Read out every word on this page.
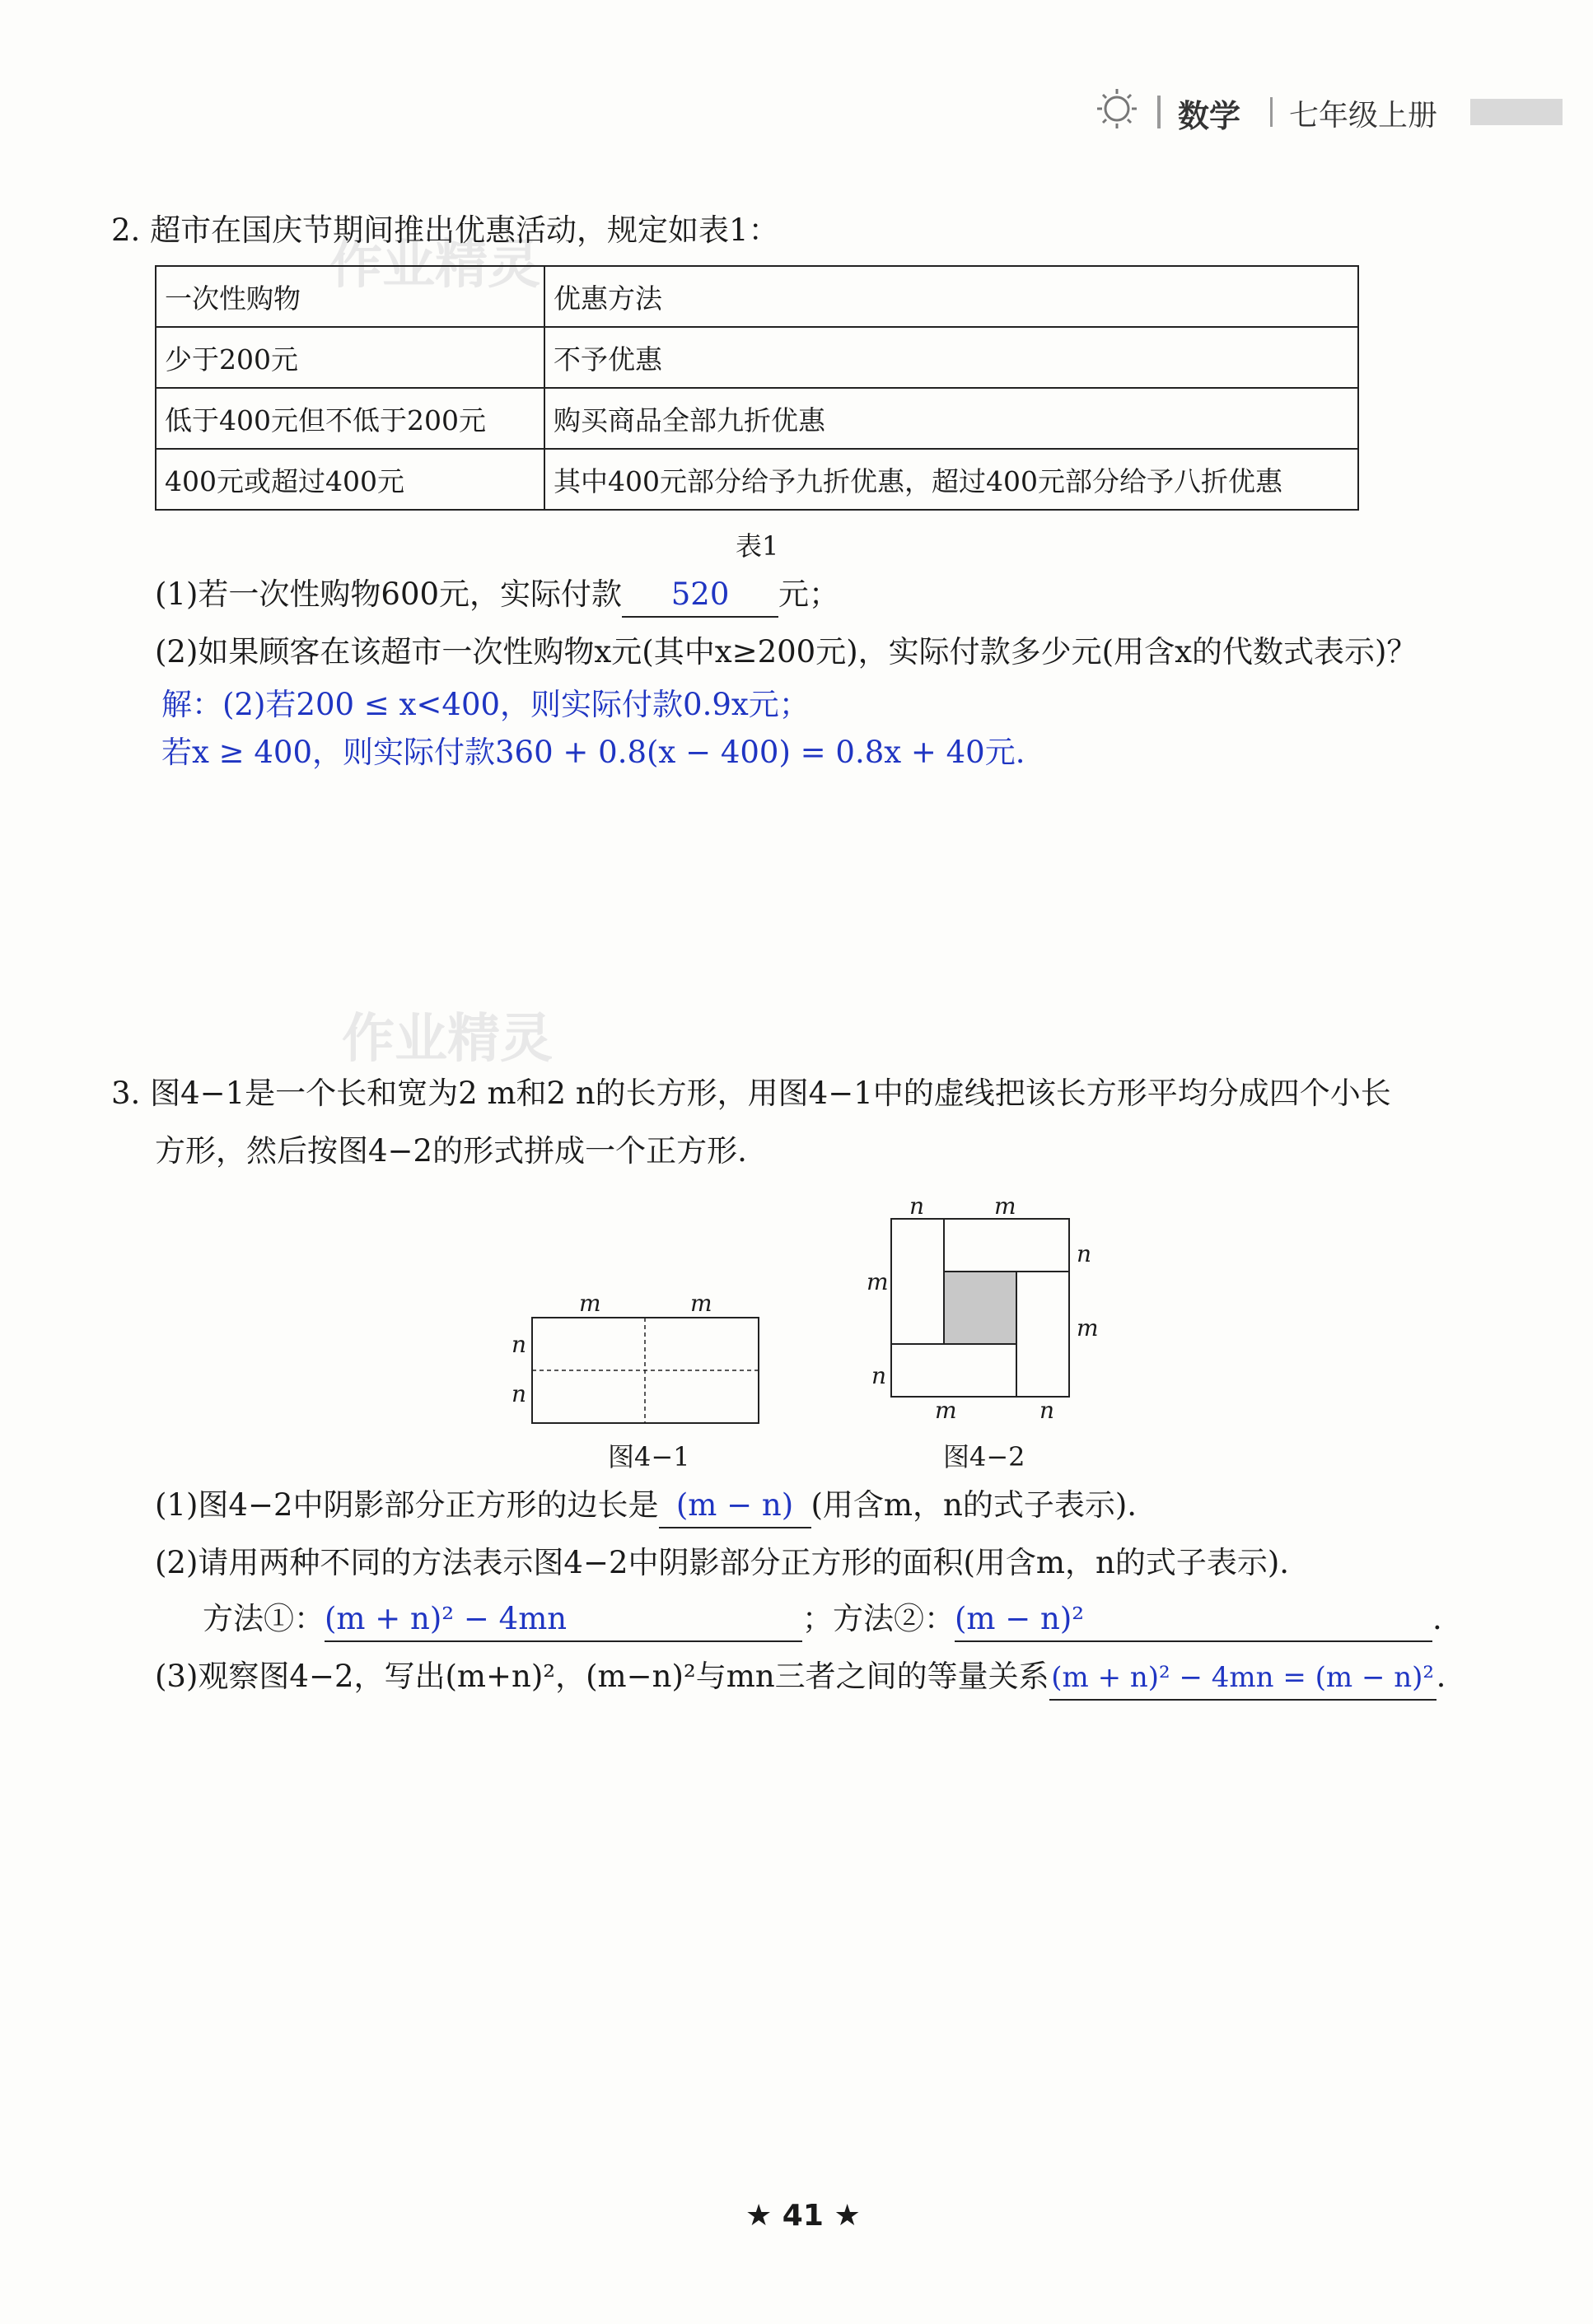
数学 七年级上册
作业精灵
作业精灵
2. 超市在国庆节期间推出优惠活动，规定如表1：
一次性购物	优惠方法
少于200元	不予优惠
低于400元但不低于200元	购买商品全部九折优惠
400元或超过400元	其中400元部分给予九折优惠，超过400元部分给予八折优惠
表1
(1)若一次性购物600元，实际付款 520 元；
(2)如果顾客在该超市一次性购物x元(其中x≥200元)，实际付款多少元(用含x的代数式表示)？
解：(2)若200 ≤ x<400，则实际付款0.9x元；
若x ≥ 400，则实际付款360 + 0.8(x − 400) = 0.8x + 40元.
3. 图4−1是一个长和宽为2 m和2 n的长方形，用图4−1中的虚线把该长方形平均分成四个小长
方形，然后按图4−2的形式拼成一个正方形.
m	m
n
n
图4−1
n	m
n
m
m
n
m	n
图4−2
(1)图4−2中阴影部分正方形的边长是 (m − n) (用含m，n的式子表示).
(2)请用两种不同的方法表示图4−2中阴影部分正方形的面积(用含m，n的式子表示).
方法①：(m + n)² − 4mn	；方法②：(m − n)²	.
(3)观察图4−2，写出(m+n)²，(m−n)²与mn三者之间的等量关系(m + n)² − 4mn = (m − n)².
★ 41 ★
